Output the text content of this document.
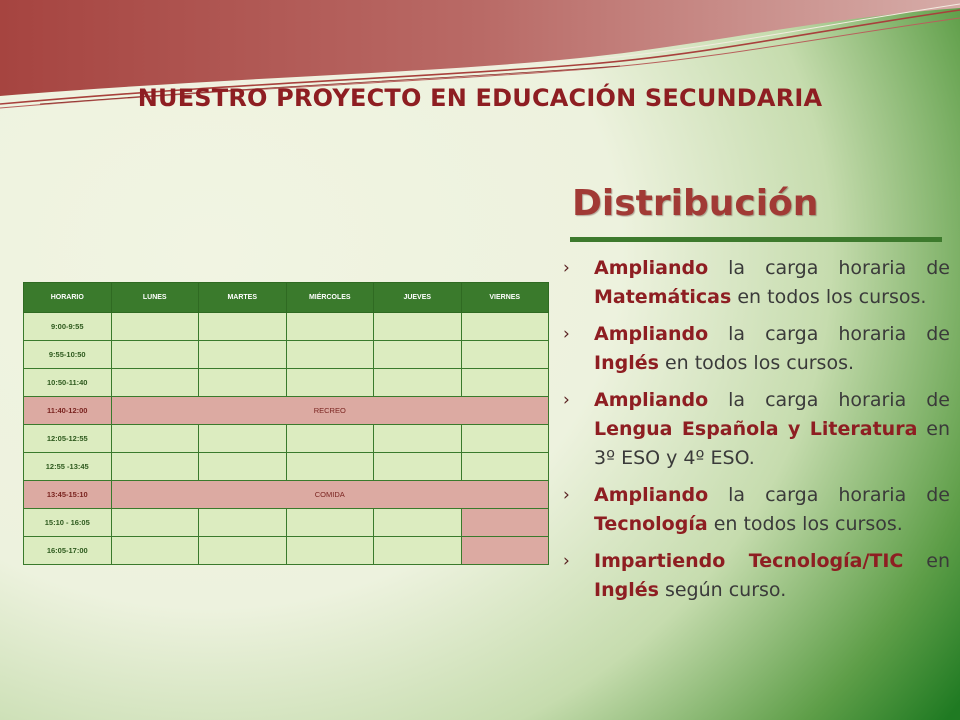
NUESTRO PROYECTO EN EDUCACIÓN SECUNDARIA
Distribución
HORARIO	LUNES	MARTES	MIÉRCOLES	JUEVES	VIERNES
9:00-9:55					
9:55-10:50					
10:50-11:40					
11:40-12:00	RECREO				
12:05-12:55					
12:55 -13:45					
13:45-15:10	COMIDA				
15:10 - 16:05					
16:05-17:00					
› Ampliando la carga horaria de Matemáticas en todos los cursos.
› Ampliando la carga horaria de Inglés en todos los cursos.
› Ampliando la carga horaria de Lengua Española y Literatura en 3º ESO y 4º ESO.
› Ampliando la carga horaria de Tecnología en todos los cursos.
› Impartiendo Tecnología/TIC en Inglés según curso.
